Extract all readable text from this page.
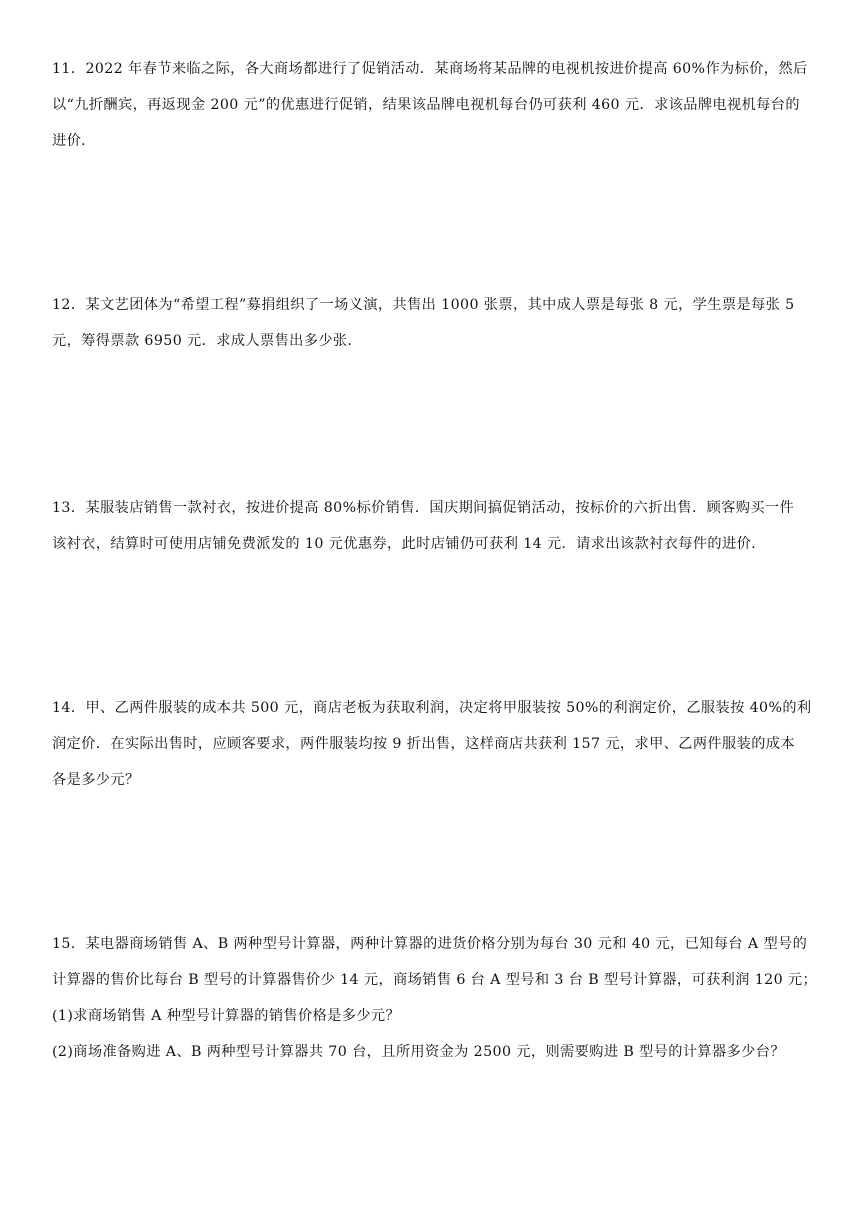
11．2022 年春节来临之际，各大商场都进行了促销活动．某商场将某品牌的电视机按进价提高 60%作为标价，然后
以“九折酬宾，再返现金 200 元”的优惠进行促销，结果该品牌电视机每台仍可获利 460 元．求该品牌电视机每台的
进价．
12．某文艺团体为“希望工程”募捐组织了一场义演，共售出 1000 张票，其中成人票是每张 8 元，学生票是每张 5
元，筹得票款 6950 元．求成人票售出多少张．
13．某服装店销售一款衬衣，按进价提高 80%标价销售．国庆期间搞促销活动，按标价的六折出售．顾客购买一件
该衬衣，结算时可使用店铺免费派发的 10 元优惠券，此时店铺仍可获利 14 元．请求出该款衬衣每件的进价．
14．甲、乙两件服装的成本共 500 元，商店老板为获取利润，决定将甲服装按 50%的利润定价，乙服装按 40%的利
润定价．在实际出售时，应顾客要求，两件服装均按 9 折出售，这样商店共获利 157 元，求甲、乙两件服装的成本
各是多少元？
15．某电器商场销售 A、B 两种型号计算器，两种计算器的进货价格分别为每台 30 元和 40 元，已知每台 A 型号的
计算器的售价比每台 B 型号的计算器售价少 14 元，商场销售 6 台 A 型号和 3 台 B 型号计算器，可获利润 120 元；
(1)求商场销售 A 种型号计算器的销售价格是多少元？
(2)商场准备购进 A、B 两种型号计算器共 70 台，且所用资金为 2500 元，则需要购进 B 型号的计算器多少台？
